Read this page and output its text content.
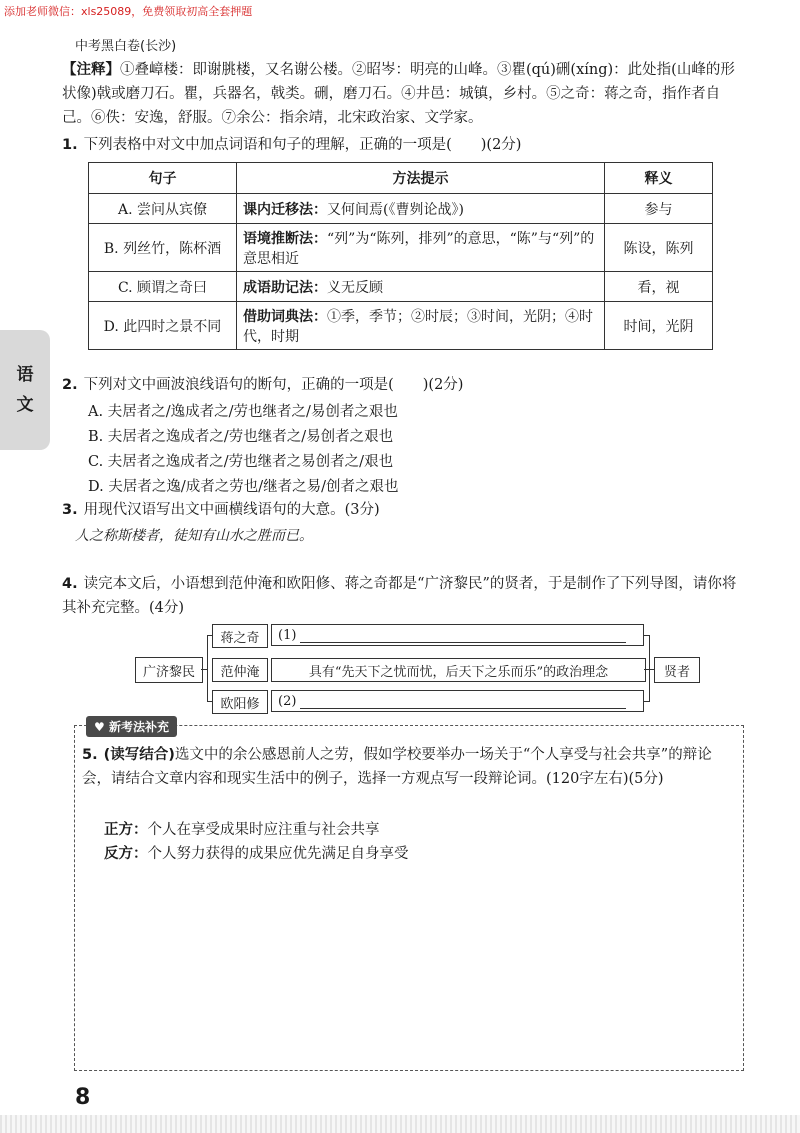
添加老师微信：xls25089，免费领取初高全套押题
中考黑白卷(长沙)
语
文
【注释】①叠嶂楼：即谢朓楼，又名谢公楼。②昭岑：明亮的山峰。③瞿(qú)硎(xíng)：此处指(山峰的形状像)戟或磨刀石。瞿，兵器名，戟类。硎，磨刀石。④井邑：城镇，乡村。⑤之奇：蒋之奇，指作者自己。⑥佚：安逸，舒服。⑦余公：指余靖，北宋政治家、文学家。
1. 下列表格中对文中加点词语和句子的理解，正确的一项是(　　)(2分)
句子	方法提示	释义
A. 尝问从宾僚	课内迁移法：又何间焉(《曹刿论战》)	参与
B. 列丝竹，陈杯酒	语境推断法：“列”为“陈列，排列”的意思，“陈”与“列”的意思相近	陈设，陈列
C. 顾谓之奇曰	成语助记法：义无反顾	看，视
D. 此四时之景不同	借助词典法：①季，季节；②时辰；③时间，光阴；④时代，时期	时间，光阴
2. 下列对文中画波浪线语句的断句，正确的一项是(　　)(2分)
A. 夫居者之/逸成者之/劳也继者之/易创者之艰也
B. 夫居者之逸成者之/劳也继者之/易创者之艰也
C. 夫居者之逸成者之/劳也继者之易创者之/艰也
D. 夫居者之逸/成者之劳也/继者之易/创者之艰也
3. 用现代汉语写出文中画横线语句的大意。(3分)
人之称斯楼者，徒知有山水之胜而已。
4. 读完本文后，小语想到范仲淹和欧阳修、蒋之奇都是“广济黎民”的贤者，于是制作了下列导图，请你将其补充完整。(4分)
广济黎民
蒋之奇
范仲淹
欧阳修
(1)
具有“先天下之忧而忧，后天下之乐而乐”的政治理念
(2)
贤者
♥ 新考法补充
5. (读写结合)选文中的余公感恩前人之劳，假如学校要举办一场关于“个人享受与社会共享”的辩论会，请结合文章内容和现实生活中的例子，选择一方观点写一段辩论词。(120字左右)(5分)
正方：个人在享受成果时应注重与社会共享
反方：个人努力获得的成果应优先满足自身享受
8
